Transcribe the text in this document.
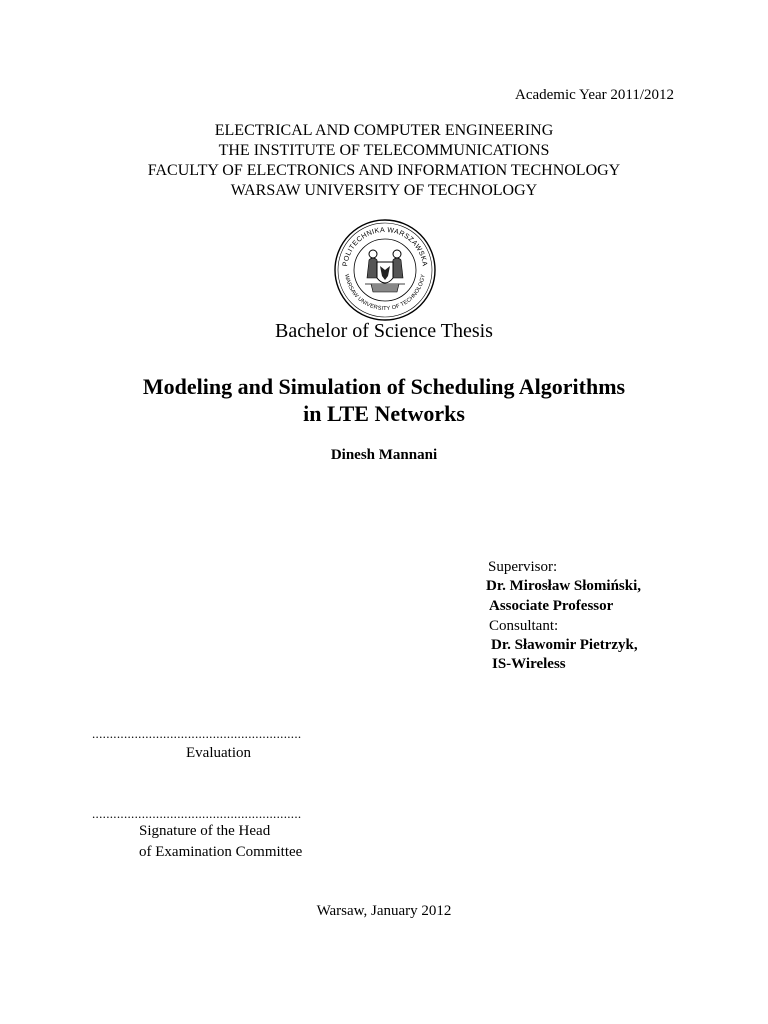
Academic Year 2011/2012
ELECTRICAL AND COMPUTER ENGINEERING
THE INSTITUTE OF TELECOMMUNICATIONS
FACULTY OF ELECTRONICS AND INFORMATION TECHNOLOGY
WARSAW UNIVERSITY OF TECHNOLOGY
POLITECHNIKA WARSZAWSKA
WARSAW UNIVERSITY OF TECHNOLOGY
Bachelor of Science Thesis
Modeling and Simulation of Scheduling Algorithms
in LTE Networks
Dinesh Mannani
Supervisor:
Dr. Mirosław Słomiński,
Associate Professor
Consultant:
Dr. Sławomir Pietrzyk,
IS-Wireless
...........................................................
Evaluation
...........................................................
Signature of the Head
of Examination Committee
Warsaw, January 2012
